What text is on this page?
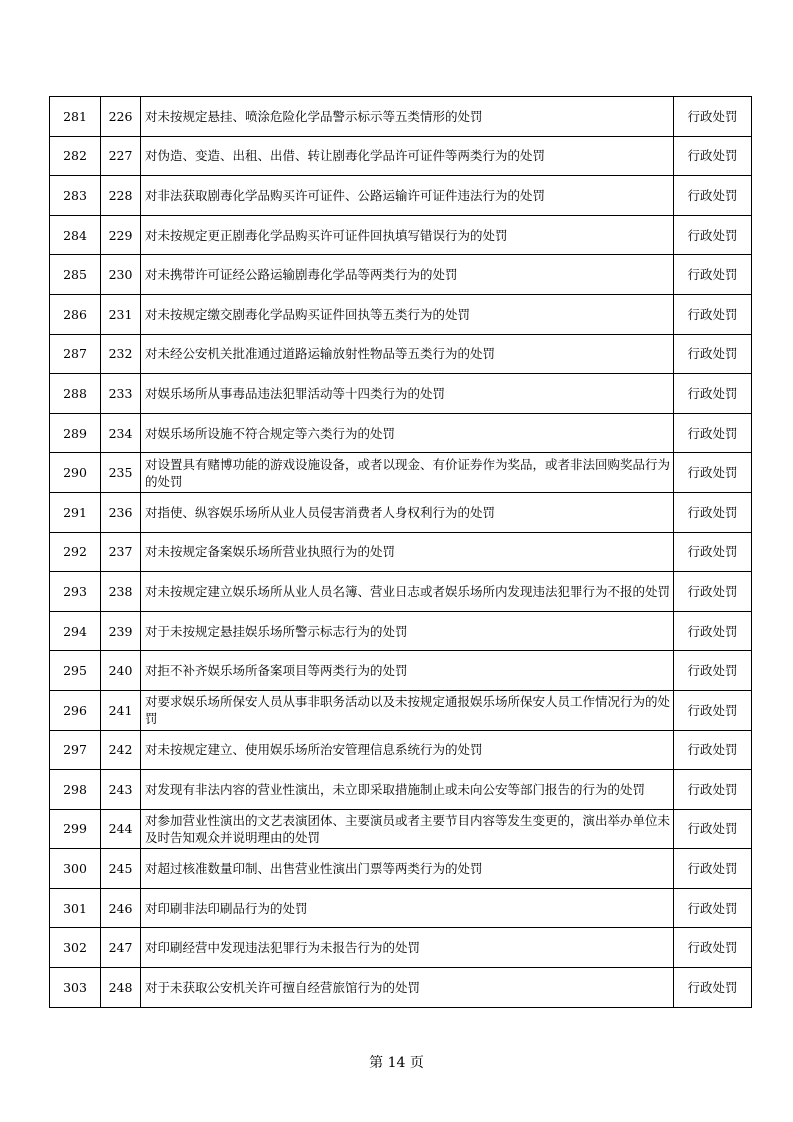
281	226	对未按规定悬挂、喷涂危险化学品警示标示等五类情形的处罚	行政处罚
282	227	对伪造、变造、出租、出借、转让剧毒化学品许可证件等两类行为的处罚	行政处罚
283	228	对非法获取剧毒化学品购买许可证件、公路运输许可证件违法行为的处罚	行政处罚
284	229	对未按规定更正剧毒化学品购买许可证件回执填写错误行为的处罚	行政处罚
285	230	对未携带许可证经公路运输剧毒化学品等两类行为的处罚	行政处罚
286	231	对未按规定缴交剧毒化学品购买证件回执等五类行为的处罚	行政处罚
287	232	对未经公安机关批准通过道路运输放射性物品等五类行为的处罚	行政处罚
288	233	对娱乐场所从事毒品违法犯罪活动等十四类行为的处罚	行政处罚
289	234	对娱乐场所设施不符合规定等六类行为的处罚	行政处罚
290	235	对设置具有赌博功能的游戏设施设备，或者以现金、有价证券作为奖品，或者非法回购奖品行为的处罚	行政处罚
291	236	对指使、纵容娱乐场所从业人员侵害消费者人身权利行为的处罚	行政处罚
292	237	对未按规定备案娱乐场所营业执照行为的处罚	行政处罚
293	238	对未按规定建立娱乐场所从业人员名簿、营业日志或者娱乐场所内发现违法犯罪行为不报的处罚	行政处罚
294	239	对于未按规定悬挂娱乐场所警示标志行为的处罚	行政处罚
295	240	对拒不补齐娱乐场所备案项目等两类行为的处罚	行政处罚
296	241	对要求娱乐场所保安人员从事非职务活动以及未按规定通报娱乐场所保安人员工作情况行为的处罚	行政处罚
297	242	对未按规定建立、使用娱乐场所治安管理信息系统行为的处罚	行政处罚
298	243	对发现有非法内容的营业性演出，未立即采取措施制止或未向公安等部门报告的行为的处罚	行政处罚
299	244	对参加营业性演出的文艺表演团体、主要演员或者主要节目内容等发生变更的，演出举办单位未及时告知观众并说明理由的处罚	行政处罚
300	245	对超过核准数量印制、出售营业性演出门票等两类行为的处罚	行政处罚
301	246	对印刷非法印刷品行为的处罚	行政处罚
302	247	对印刷经营中发现违法犯罪行为未报告行为的处罚	行政处罚
303	248	对于未获取公安机关许可擅自经营旅馆行为的处罚	行政处罚
第 14 页
